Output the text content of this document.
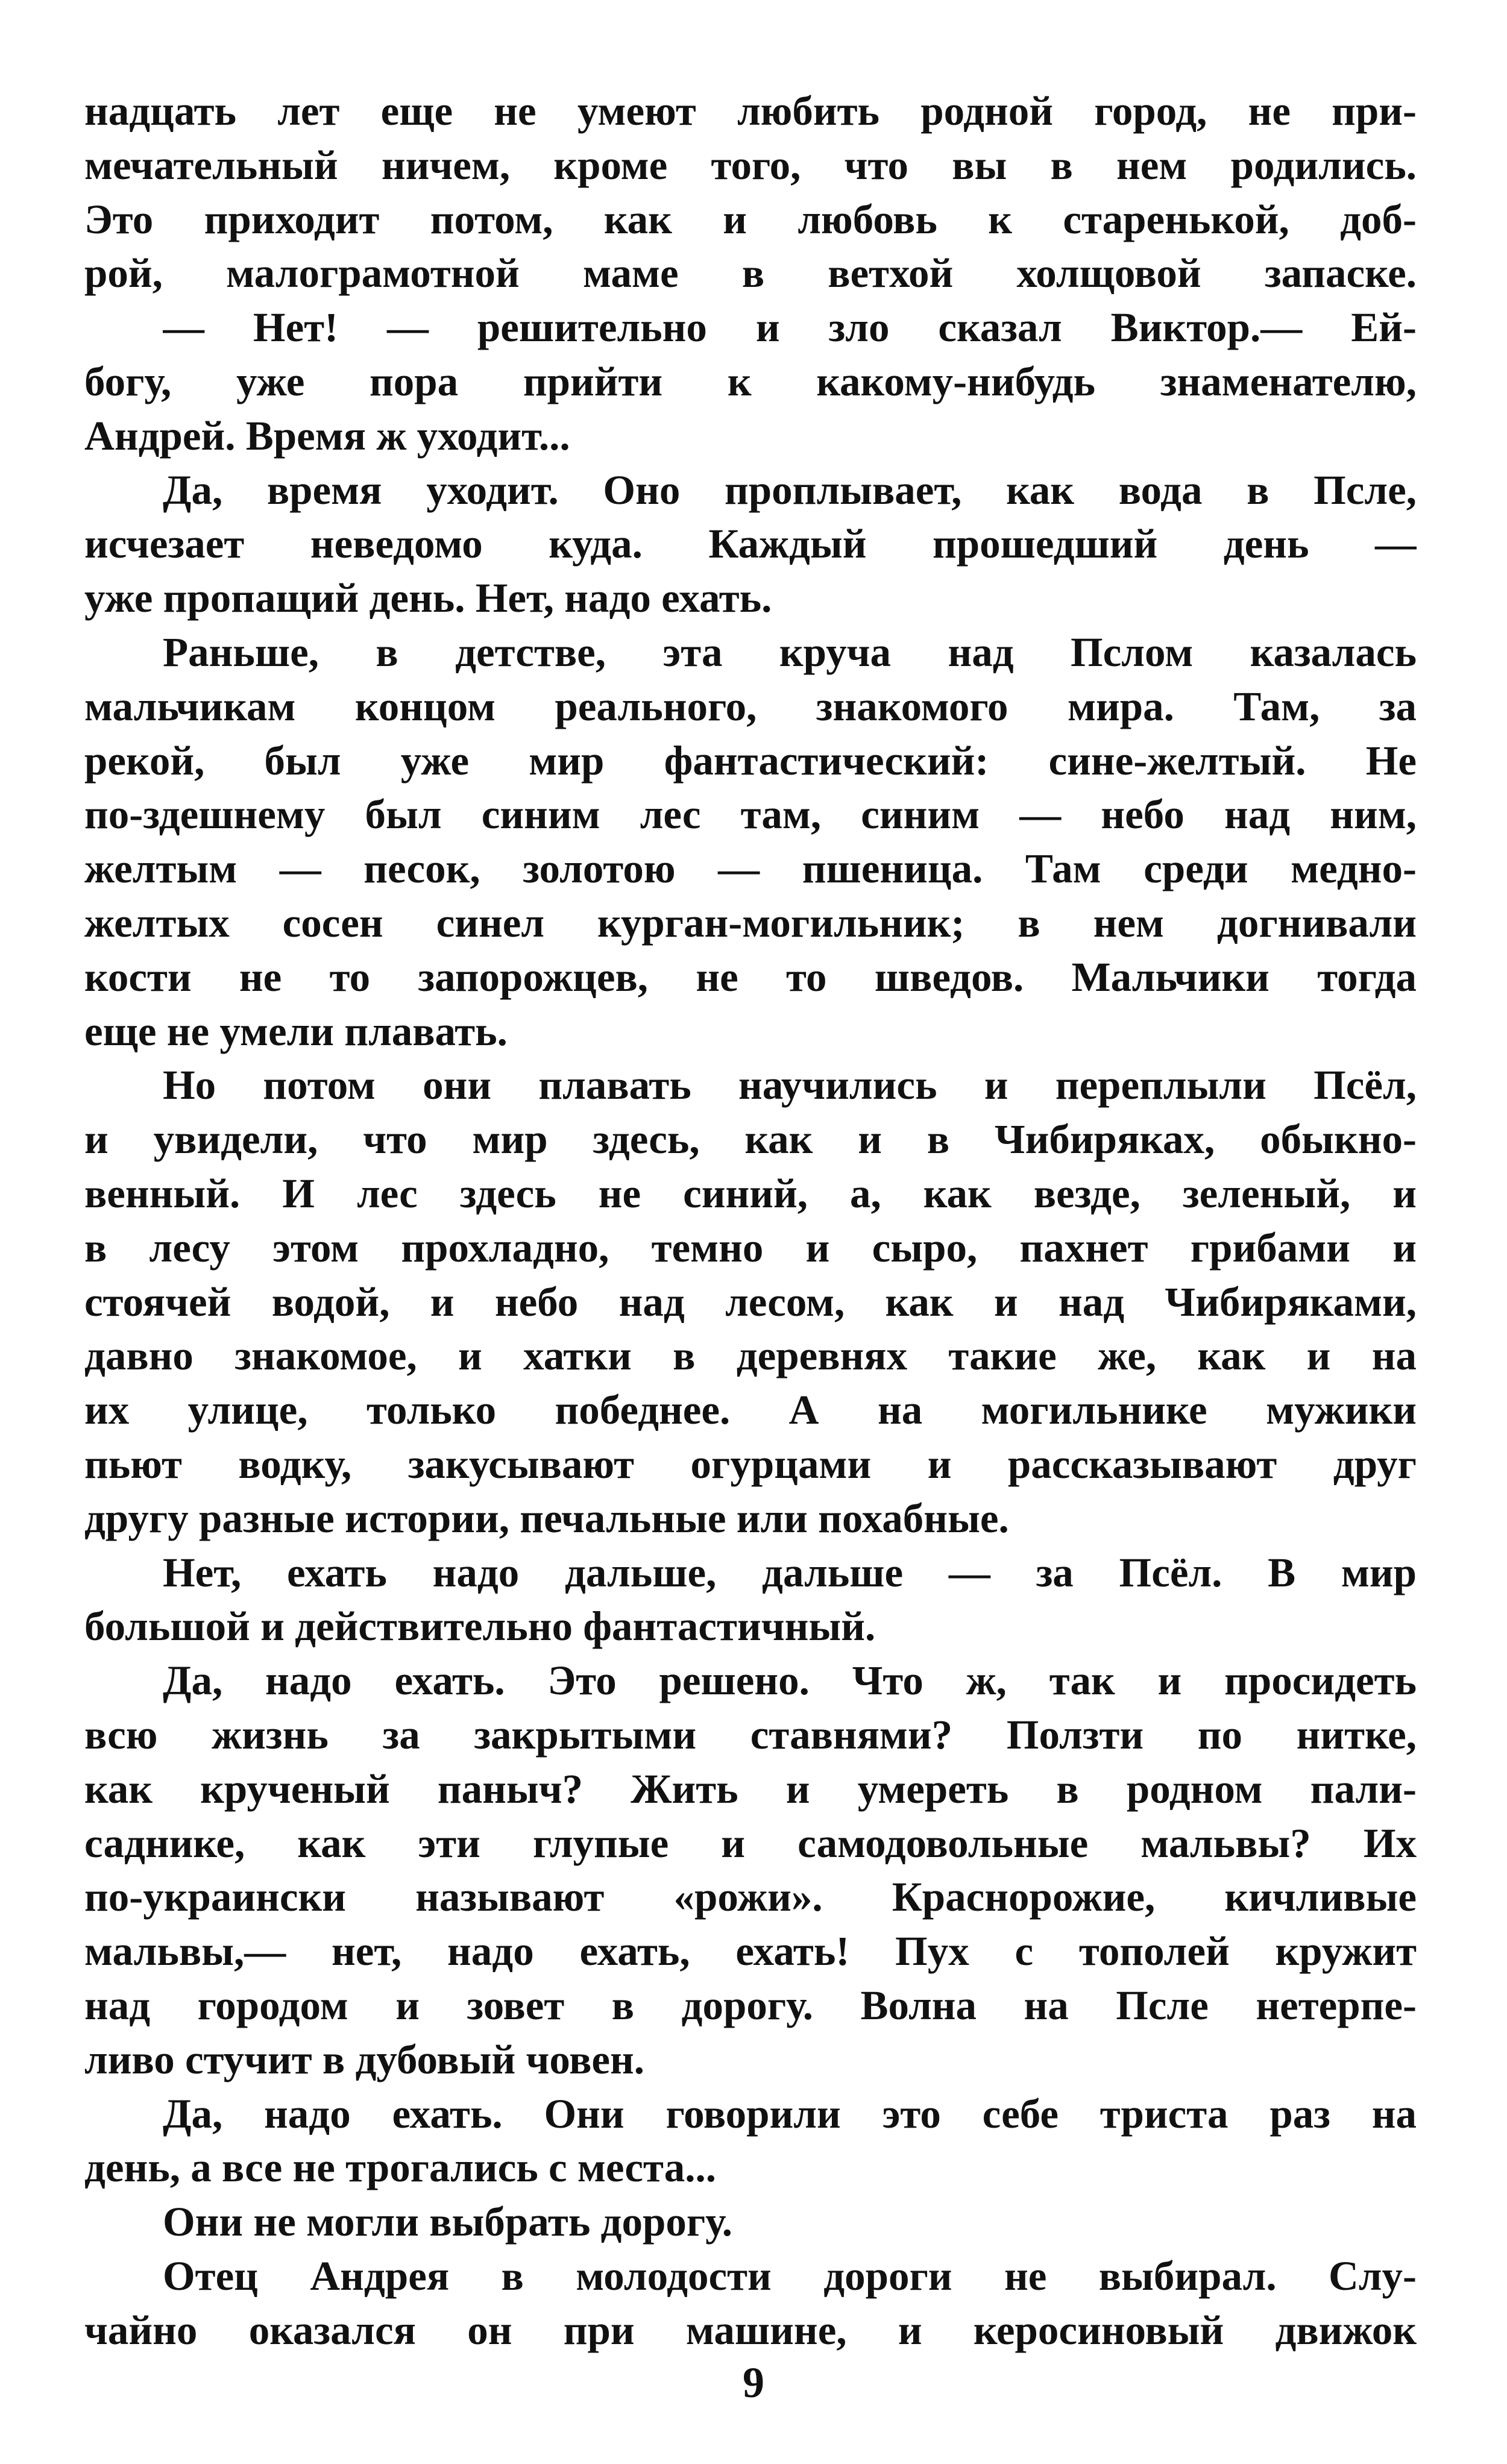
надцать лет еще не умеют любить родной город, не при-
мечательный ничем, кроме того, что вы в нем родились.
Это приходит потом, как и любовь к старенькой, доб-
рой, малограмотной маме в ветхой холщовой запаске.
— Нет! — решительно и зло сказал Виктор.— Ей-
богу, уже пора прийти к какому-нибудь знаменателю,
Андрей. Время ж уходит...
Да, время уходит. Оно проплывает, как вода в Псле,
исчезает неведомо куда. Каждый прошедший день —
уже пропащий день. Нет, надо ехать.
Раньше, в детстве, эта круча над Пслом казалась
мальчикам концом реального, знакомого мира. Там, за
рекой, был уже мир фантастический: сине-желтый. Не
по-здешнему был синим лес там, синим — небо над ним,
желтым — песок, золотою — пшеница. Там среди медно-
желтых сосен синел курган-могильник; в нем догнивали
кости не то запорожцев, не то шведов. Мальчики тогда
еще не умели плавать.
Но потом они плавать научились и переплыли Псёл,
и увидели, что мир здесь, как и в Чибиряках, обыкно-
венный. И лес здесь не синий, а, как везде, зеленый, и
в лесу этом прохладно, темно и сыро, пахнет грибами и
стоячей водой, и небо над лесом, как и над Чибиряками,
давно знакомое, и хатки в деревнях такие же, как и на
их улице, только победнее. А на могильнике мужики
пьют водку, закусывают огурцами и рассказывают друг
другу разные истории, печальные или похабные.
Нет, ехать надо дальше, дальше — за Псёл. В мир
большой и действительно фантастичный.
Да, надо ехать. Это решено. Что ж, так и просидеть
всю жизнь за закрытыми ставнями? Ползти по нитке,
как крученый паныч? Жить и умереть в родном пали-
саднике, как эти глупые и самодовольные мальвы? Их
по-украински называют «рожи». Краснорожие, кичливые
мальвы,— нет, надо ехать, ехать! Пух с тополей кружит
над городом и зовет в дорогу. Волна на Псле нетерпе-
ливо стучит в дубовый човен.
Да, надо ехать. Они говорили это себе триста раз на
день, а все не трогались с места...
Они не могли выбрать дорогу.
Отец Андрея в молодости дороги не выбирал. Слу-
чайно оказался он при машине, и керосиновый движок
9
